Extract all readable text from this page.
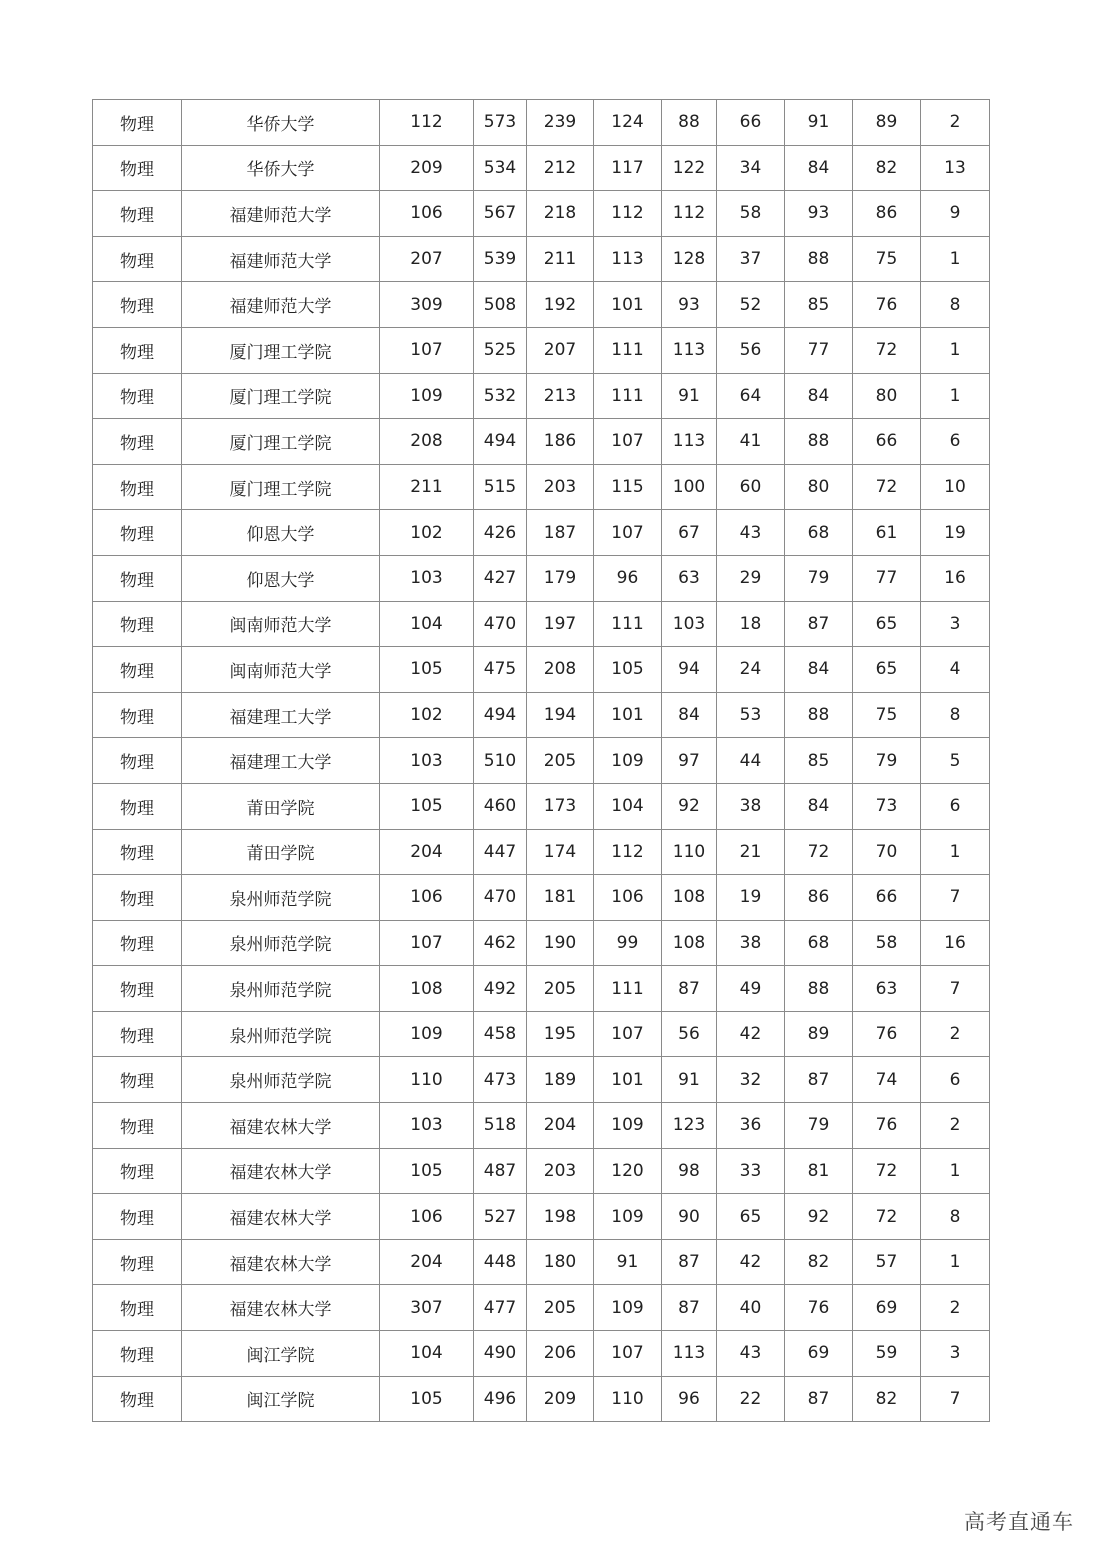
物理	华侨大学	112	573	239	124	88	66	91	89	2
物理	华侨大学	209	534	212	117	122	34	84	82	13
物理	福建师范大学	106	567	218	112	112	58	93	86	9
物理	福建师范大学	207	539	211	113	128	37	88	75	1
物理	福建师范大学	309	508	192	101	93	52	85	76	8
物理	厦门理工学院	107	525	207	111	113	56	77	72	1
物理	厦门理工学院	109	532	213	111	91	64	84	80	1
物理	厦门理工学院	208	494	186	107	113	41	88	66	6
物理	厦门理工学院	211	515	203	115	100	60	80	72	10
物理	仰恩大学	102	426	187	107	67	43	68	61	19
物理	仰恩大学	103	427	179	96	63	29	79	77	16
物理	闽南师范大学	104	470	197	111	103	18	87	65	3
物理	闽南师范大学	105	475	208	105	94	24	84	65	4
物理	福建理工大学	102	494	194	101	84	53	88	75	8
物理	福建理工大学	103	510	205	109	97	44	85	79	5
物理	莆田学院	105	460	173	104	92	38	84	73	6
物理	莆田学院	204	447	174	112	110	21	72	70	1
物理	泉州师范学院	106	470	181	106	108	19	86	66	7
物理	泉州师范学院	107	462	190	99	108	38	68	58	16
物理	泉州师范学院	108	492	205	111	87	49	88	63	7
物理	泉州师范学院	109	458	195	107	56	42	89	76	2
物理	泉州师范学院	110	473	189	101	91	32	87	74	6
物理	福建农林大学	103	518	204	109	123	36	79	76	2
物理	福建农林大学	105	487	203	120	98	33	81	72	1
物理	福建农林大学	106	527	198	109	90	65	92	72	8
物理	福建农林大学	204	448	180	91	87	42	82	57	1
物理	福建农林大学	307	477	205	109	87	40	76	69	2
物理	闽江学院	104	490	206	107	113	43	69	59	3
物理	闽江学院	105	496	209	110	96	22	87	82	7
高考直通车
